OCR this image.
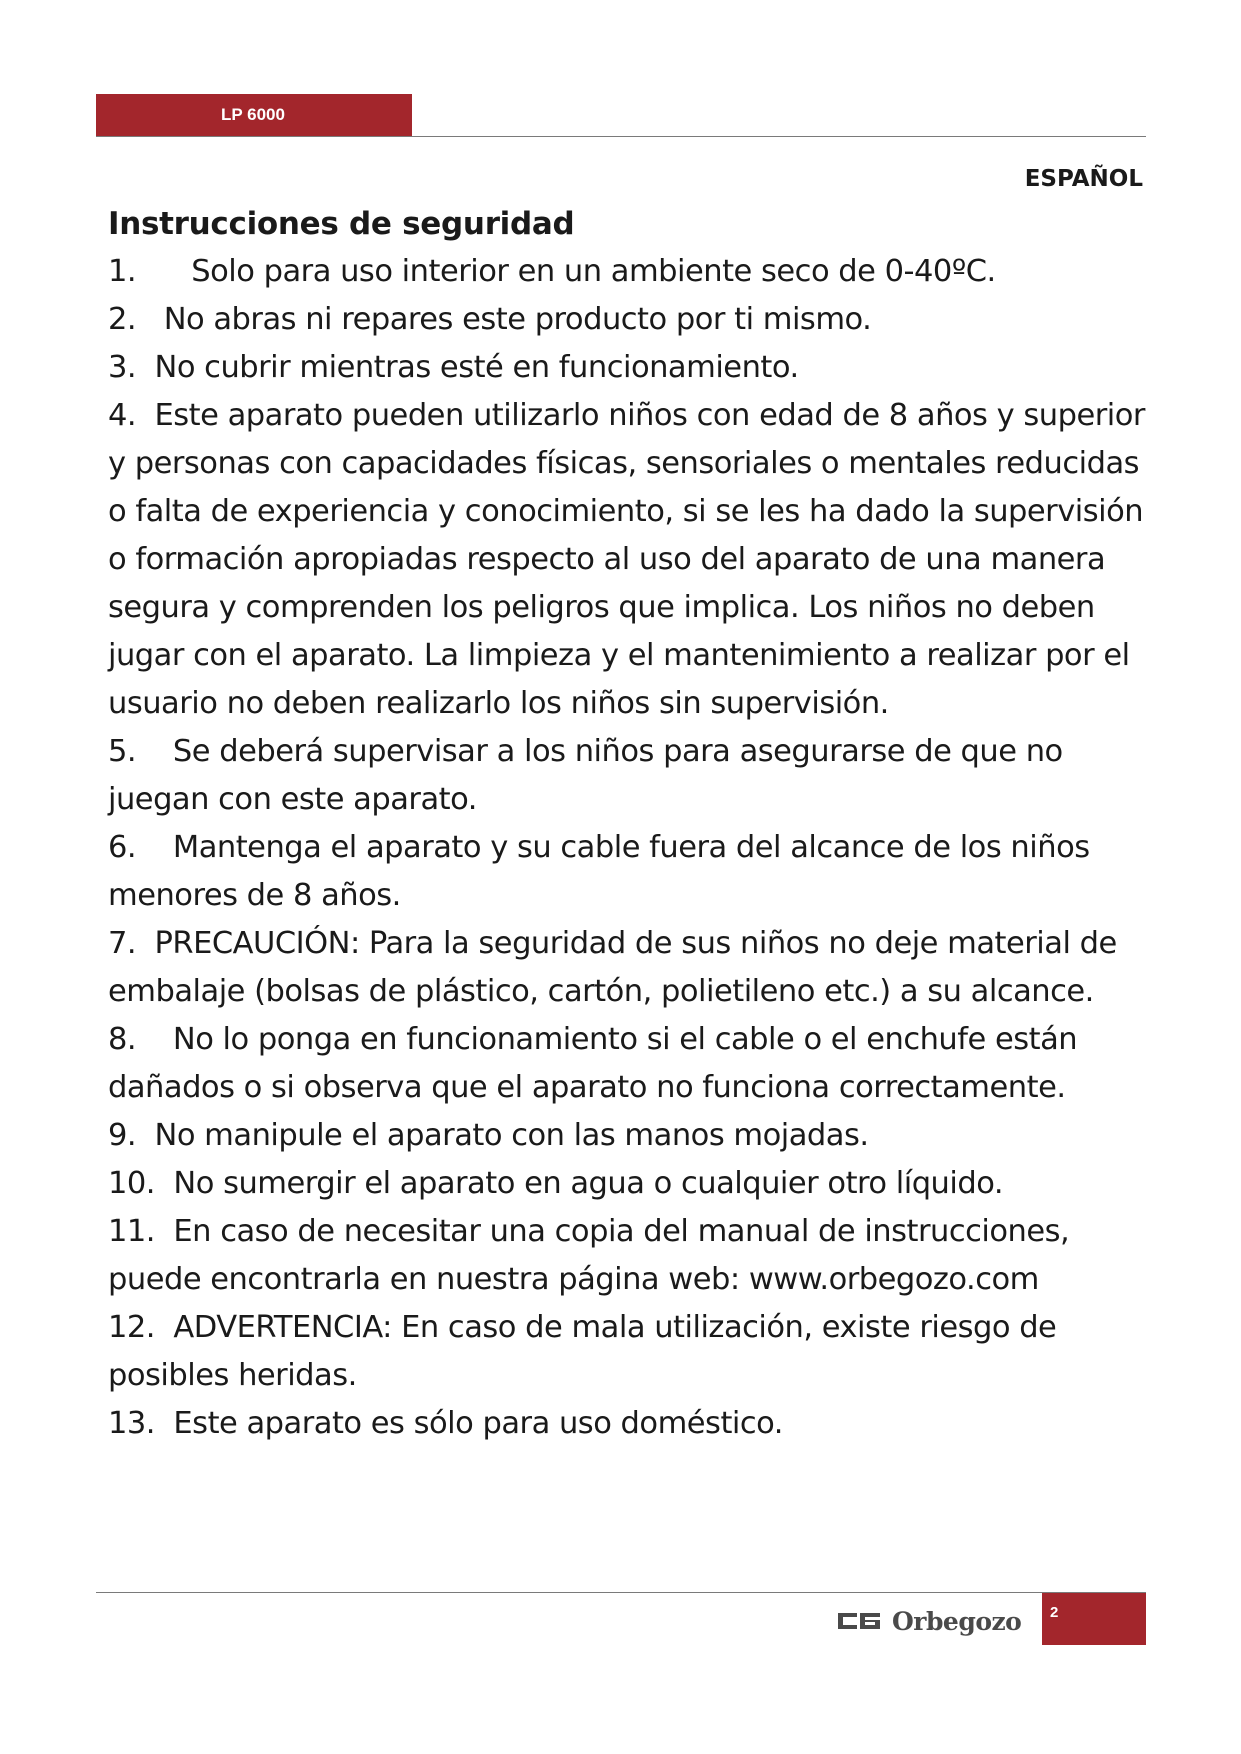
LP 6000
ESPAÑOL
Instrucciones de seguridad

1.      Solo para uso interior en un ambiente seco de 0-40ºC.

2.   No abras ni repares este producto por ti mismo.

3.  No cubrir mientras esté en funcionamiento.

4.  Este aparato pueden utilizarlo niños con edad de 8 años y superior y personas con capacidades físicas, sensoriales o mentales reducidas o falta de experiencia y conocimiento, si se les ha dado la supervisión o formación apropiadas respecto al uso del aparato de una manera segura y comprenden los peligros que implica. Los niños no deben jugar con el aparato. La limpieza y el mantenimiento a realizar por el usuario no deben realizarlo los niños sin supervisión.

5.    Se deberá supervisar a los niños para asegurarse de que no juegan con este aparato.

6.    Mantenga el aparato y su cable fuera del alcance de los niños menores de 8 años.

7.  PRECAUCIÓN: Para la seguridad de sus niños no deje material de embalaje (bolsas de plástico, cartón, polietileno etc.) a su alcance.

8.    No lo ponga en funcionamiento si el cable o el enchufe están dañados o si observa que el aparato no funciona correctamente.

9.  No manipule el aparato con las manos mojadas.

10.  No sumergir el aparato en agua o cualquier otro líquido.

11.  En caso de necesitar una copia del manual de instrucciones, puede encontrarla en nuestra página web: www.orbegozo.com

12.  ADVERTENCIA: En caso de mala utilización, existe riesgo de posibles heridas.

13.  Este aparato es sólo para uso doméstico.

Orbegozo	2
